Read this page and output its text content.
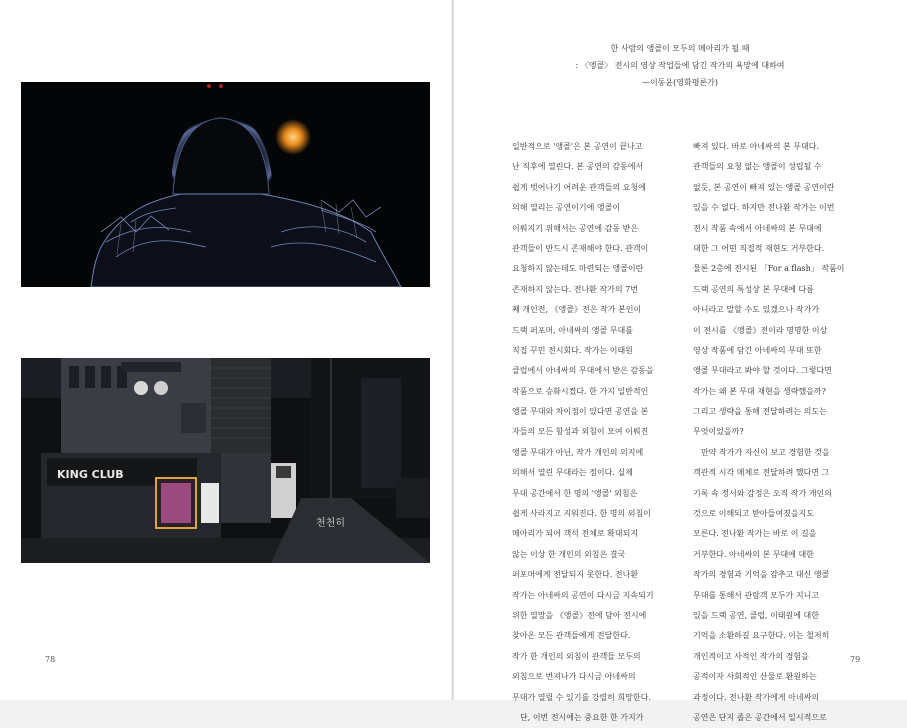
KING CLUB
천천히
78
한 사람의 앵콜이 모두의 메아리가 될 때
: 〈앵콜〉 전시의 영상 작업들에 담긴 작가의 욕망에 대하여
—이동윤(영화평론가)
일반적으로 '앵콜'은 본 공연이 끝나고
난 직후에 열린다. 본 공연의 감동에서
쉽게 벗어나기 어려운 관객들의 요청에
의해 열리는 공연이기에 앵콜이
이뤄지기 위해서는 공연에 감동 받은
관객들이 반드시 존재해야 한다. 관객이
요청하지 않는데도 마련되는 앵콜이란
존재하지 않는다. 전나환 작가의 7번
째 개인전, 《앵콜》전은 작가 본인이
드랙 퍼포머, 아네싸의 앵콜 무대를
직접 꾸민 전시회다. 작가는 이태원
클럽에서 아네싸의 무대에서 받은 감동을
작품으로 승화시켰다. 한 가지 일반적인
앵콜 무대와 차이점이 있다면 공연을 본
자들의 모든 함성과 외침이 모여 이뤄진
앵콜 무대가 아닌, 작가 개인의 의지에
의해서 열린 무대라는 점이다. 실제
무대 공간에서 한 명의 '앵콜' 외침은
쉽게 사라지고 지워진다. 한 명의 외침이
메아리가 되어 객석 전체로 확대되지
않는 이상 한 개인의 외침은 결국
퍼포머에게 전달되지 못한다. 전나환
작가는 아네싸의 공연이 다시금 지속되기
위한 열망을 《앵콜》전에 담아 전시에
찾아온 모든 관객들에게 전달한다.
작가 한 개인의 외침이 관객들 모두의
외침으로 번져나가 다시금 아네싸의
무대가 열릴 수 있기를 강렬히 희망한다.
　단, 이번 전시에는 중요한 한 가지가
빠져 있다. 바로 아네싸의 본 무대다.
관객들의 요청 없는 앵콜이 성립될 수
없듯, 본 공연이 빠져 있는 앵콜 공연이란
있을 수 없다. 하지만 전나환 작가는 이번
전시 작품 속에서 아네싸의 본 무대에
대한 그 어떤 직접적 재현도 거부한다.
물론 2층에 전시된 「For a flash」 작품이
드랙 공연의 특성상 본 무대에 다름
아니라고 말할 수도 있겠으나 작가가
이 전시를 《앵콜》전이라 명명한 이상
영상 작품에 담긴 아네싸의 무대 또한
앵콜 무대라고 봐야 할 것이다. 그렇다면
작가는 왜 본 무대 재현을 생략했을까?
그리고 생략을 통해 전달하려는 의도는
무엇이었을까?
　만약 작가가 자신이 보고 경험한 것을
객관적 시각 매체로 전달하려 했다면 그
기록 속 정서와 감정은 오직 작가 개인의
것으로 이해되고 받아들여졌을지도
모른다. 전나환 작가는 바로 이 길을
거부한다. 아네싸의 본 무대에 대한
작가의 경험과 기억을 감추고 대신 앵콜
무대를 통해서 관람객 모두가 지니고
있을 드랙 공연, 클럽, 이태원에 대한
기억을 소환하길 요구한다. 이는 철저히
개인적이고 사적인 작가의 경험을
공적이자 사회적인 산물로 환원하는
과정이다. 전나환 작가에게 아네싸의
공연은 단지 좁은 공간에서 일시적으로
79
